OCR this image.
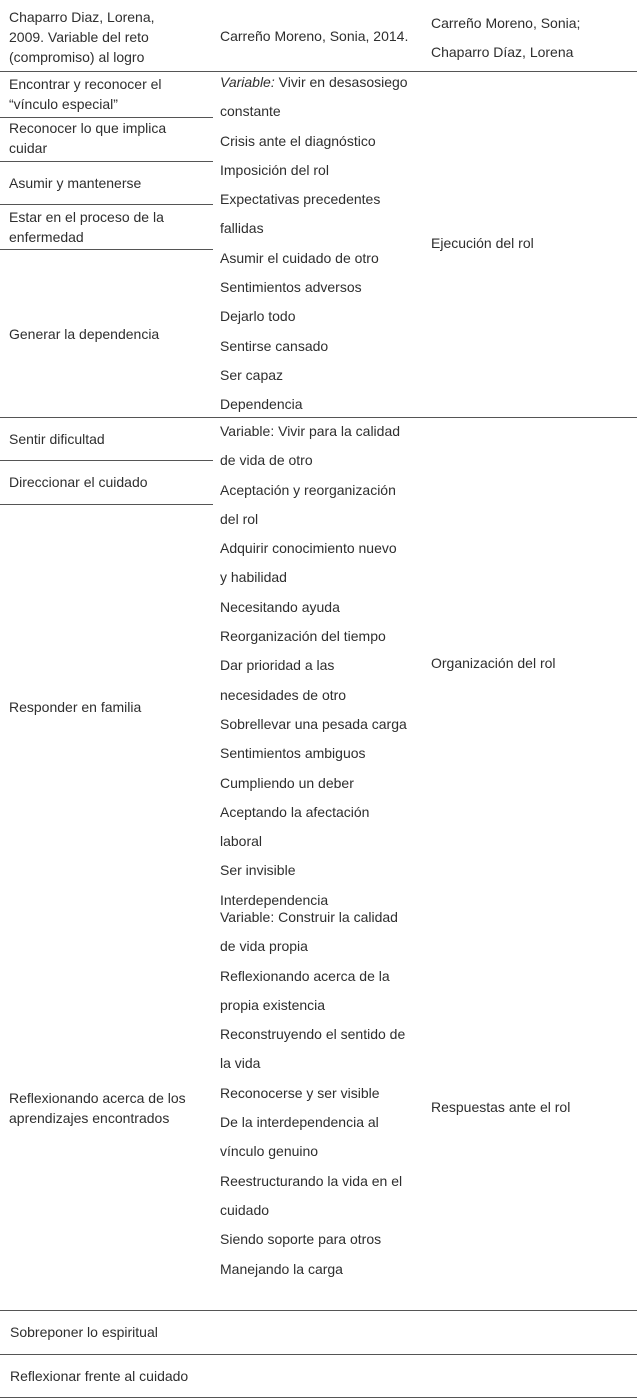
Chaparro Diaz, Lorena,
2009. Variable del reto
(compromiso) al logro
Carreño Moreno, Sonia, 2014.
Carreño Moreno, Sonia;
Chaparro Díaz, Lorena
Encontrar y reconocer el
“vínculo especial”
Reconocer lo que implica
cuidar
Asumir y mantenerse
Estar en el proceso de la
enfermedad
Generar la dependencia
Variable: Vivir en desasosiego
constante
Crisis ante el diagnóstico
Imposición del rol
Expectativas precedentes
fallidas
Asumir el cuidado de otro
Sentimientos adversos
Dejarlo todo
Sentirse cansado
Ser capaz
Dependencia
Ejecución del rol
Sentir dificultad
Direccionar el cuidado
Responder en familia
Variable: Vivir para la calidad
de vida de otro
Aceptación y reorganización
del rol
Adquirir conocimiento nuevo
y habilidad
Necesitando ayuda
Reorganización del tiempo
Dar prioridad a las
necesidades de otro
Sobrellevar una pesada carga
Sentimientos ambiguos
Cumpliendo un deber
Aceptando la afectación
laboral
Ser invisible
Interdependencia
Organización del rol
Reflexionando acerca de los
aprendizajes encontrados
Variable: Construir la calidad
de vida propia
Reflexionando acerca de la
propia existencia
Reconstruyendo el sentido de
la vida
Reconocerse y ser visible
De la interdependencia al
vínculo genuino
Reestructurando la vida en el
cuidado
Siendo soporte para otros
Manejando la carga
Respuestas ante el rol
Sobreponer lo espiritual
Reflexionar frente al cuidado
